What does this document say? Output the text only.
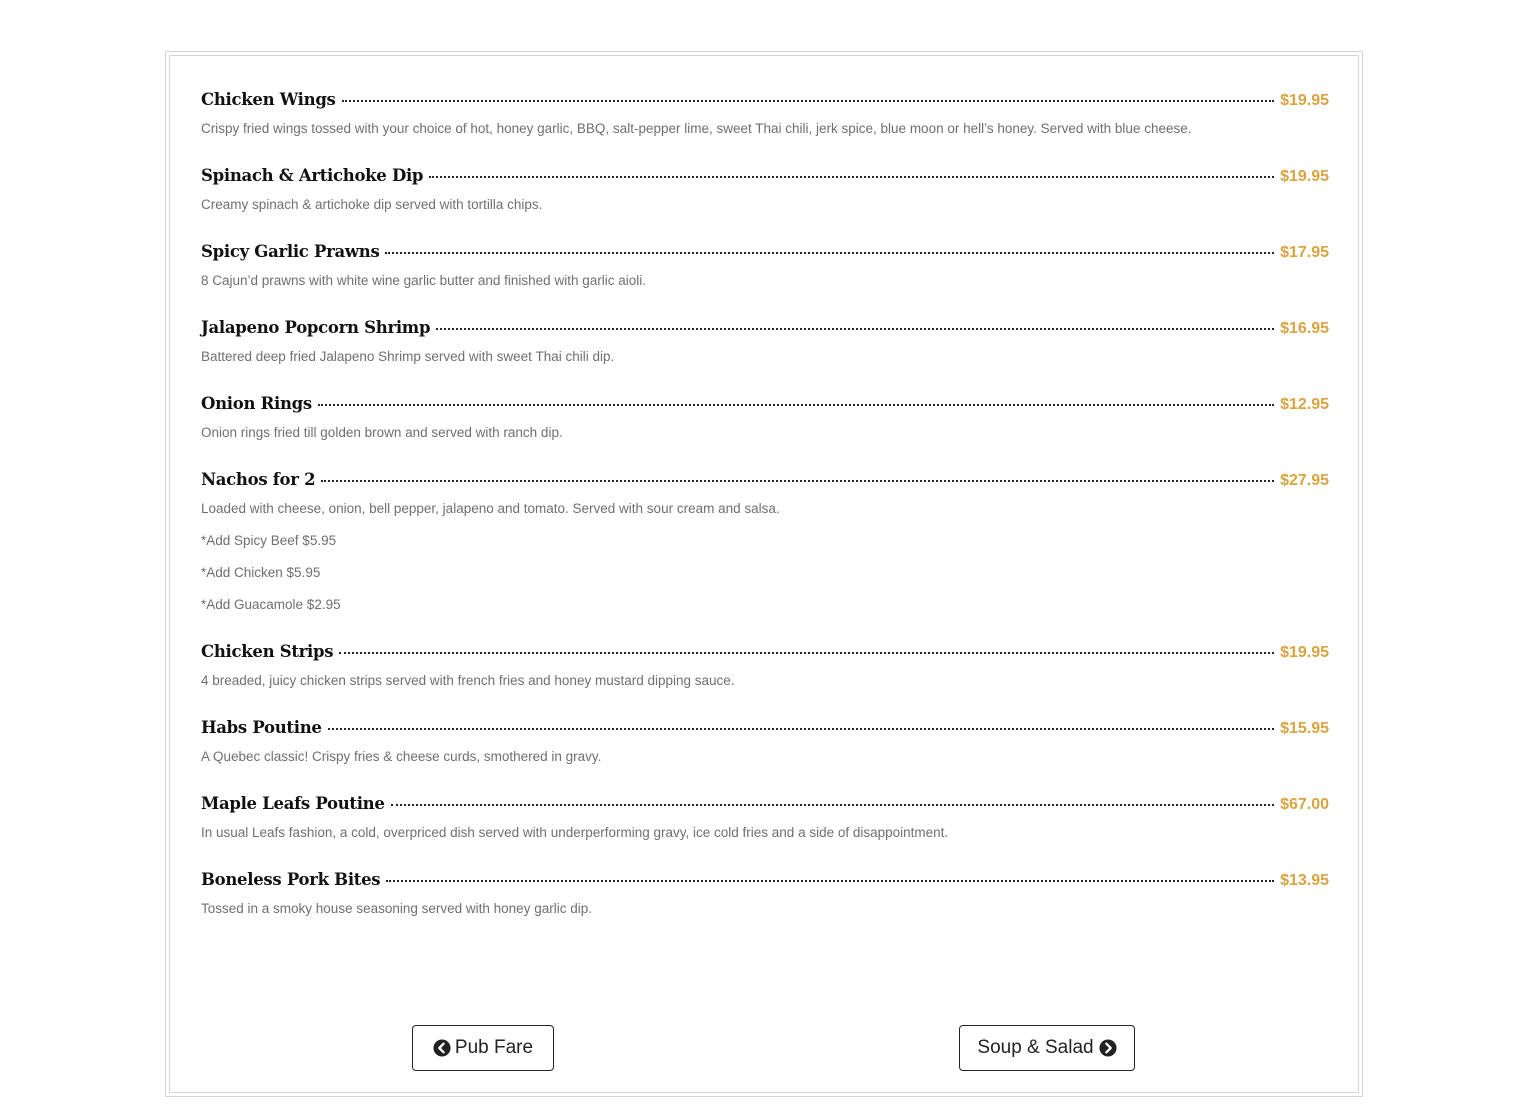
Chicken Wings	$19.95
Crispy fried wings tossed with your choice of hot, honey garlic, BBQ, salt-pepper lime, sweet Thai chili, jerk spice, blue moon or hell’s honey. Served with blue cheese.
Spinach & Artichoke Dip	$19.95
Creamy spinach & artichoke dip served with tortilla chips.
Spicy Garlic Prawns	$17.95
8 Cajun’d prawns with white wine garlic butter and finished with garlic aioli.
Jalapeno Popcorn Shrimp	$16.95
Battered deep fried Jalapeno Shrimp served with sweet Thai chili dip.
Onion Rings	$12.95
Onion rings fried till golden brown and served with ranch dip.
Nachos for 2	$27.95
Loaded with cheese, onion, bell pepper, jalapeno and tomato. Served with sour cream and salsa.
*Add Spicy Beef $5.95
*Add Chicken $5.95
*Add Guacamole $2.95
Chicken Strips	$19.95
4 breaded, juicy chicken strips served with french fries and honey mustard dipping sauce.
Habs Poutine	$15.95
A Quebec classic! Crispy fries & cheese curds, smothered in gravy.
Maple Leafs Poutine	$67.00
In usual Leafs fashion, a cold, overpriced dish served with underperforming gravy, ice cold fries and a side of disappointment.
Boneless Pork Bites	$13.95
Tossed in a smoky house seasoning served with honey garlic dip.
Pub Fare	Soup & Salad
